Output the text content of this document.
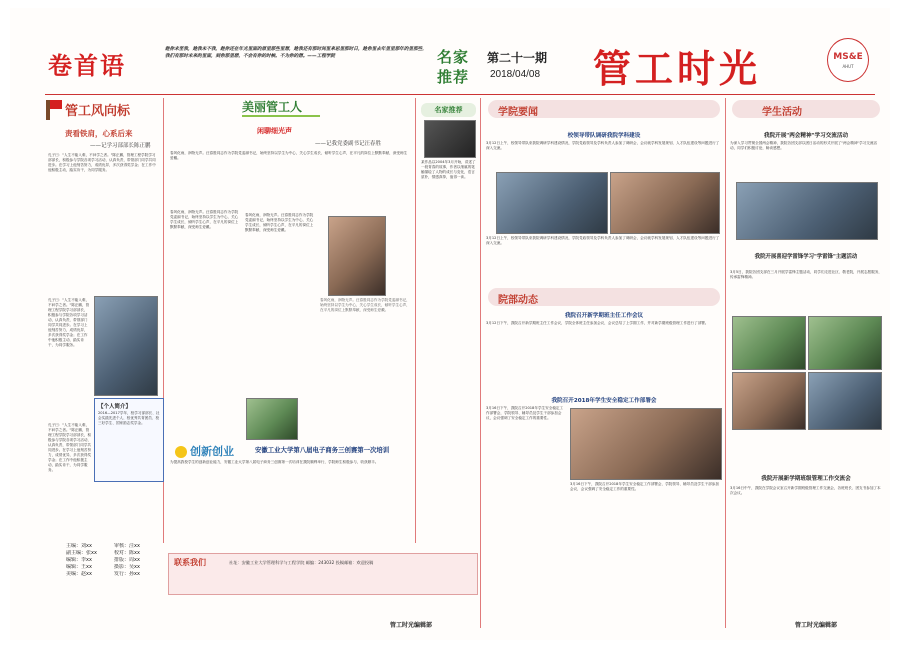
卷首语
趁你未至我，趁我未不我，趁你还在年光里面的原里那些里想，趁我还有那时间里来思里那时日，趁你里去年里里那年的里那些，我们有那时未来的里面，到你那里想，不会有你的时候。不为你的想。——工程学院	名家
推荐
第二十一期
2018/04/08 管工时光	MS&E
AHUT
管工风向标
责看铁肩，心系后来
——记学习部部长陈正鹏
孔子曰："人生不能入难，不问学之者。"陈正鹏，管理工程学院学习部部长，积极参与学院各项学习活动，认真负责，带领部门同学共同进步。在学习上他刻苦努力，成绩优异，多次获得奖学金；在工作中他积极主动，踏实肯干，为同学服务。
孔子曰："人生不能入难，不问学之者。"陈正鹏，管理工程学院学习部部长，积极参与学院各项学习活动，认真负责，带领部门同学共同进步。在学习上他刻苦努力，成绩优异，多次获得奖学金；在工作中他积极主动，踏实肯干，为同学服务。
【个人简介】
2016—2017学年，校学习部部长、社会实践先进个人、校优秀共青团员、校三好学生、国家励志奖学金。
孔子曰："人生不能入难，不问学之者。"陈正鹏，管理工程学院学习部部长，积极参与学院各项学习活动，认真负责，带领部门同学共同进步。在学习上他刻苦努力，成绩优异，多次获得奖学金；在工作中他积极主动，踏实肯干，为同学服务。
美丽管工人
闲聊细光声
——记我党委副书记汪春胜
春风化雨，润物无声。汪春胜同志作为学院党委副书记，始终坚持以学生为中心，关心学生成长，倾听学生心声，在平凡的岗位上默默奉献，深受师生爱戴。
春风化雨，润物无声。汪春胜同志作为学院党委副书记，始终坚持以学生为中心，关心学生成长，倾听学生心声，在平凡的岗位上默默奉献，深受师生爱戴。
春风化雨，润物无声。汪春胜同志作为学院党委副书记，始终坚持以学生为中心，关心学生成长，倾听学生心声，在平凡的岗位上默默奉献，深受师生爱戴。
春风化雨，润物无声。汪春胜同志作为学院党委副书记，始终坚持以学生为中心，关心学生成长，倾听学生心声，在平凡的岗位上默默奉献，深受师生爱戴。
创新创业	安徽工业大学第八届电子商务三创赛第一次培训
为提高我校学生的创新创业能力，安徽工业大学第八届电子商务三创赛第一次培训在我院顺利举行，学院师生积极参与，收获颇丰。
名家推荐
某作品以2004年3月开始，讲述了一段青春的故事，作者以细腻的笔触描绘了人物的成长与变化，语言质朴，情感真挚，值得一读。
学院要闻
校领导带队调研我院学科建设
3月12日上午，校领导带队来我院调研学科建设情况，学院党政领导及学科负责人参加了调研会，会议就学科发展规划、人才队伍建设等问题进行了深入交流。
3月12日上午，校领导带队来我院调研学科建设情况，学院党政领导及学科负责人参加了调研会，会议就学科发展规划、人才队伍建设等问题进行了深入交流。
院部动态
我院召开新学期班主任工作会议
3月12日下午，我院召开新学期班主任工作会议，学院全体班主任参加会议，会议总结了上学期工作，并对新学期班级管理工作进行了部署。
我院召开2018年学生安全稳定工作部署会
3月16日下午，我院召开2018年学生安全稳定工作部署会，学院领导、辅导员及学生干部参加会议，会议强调了安全稳定工作的重要性。
3月16日下午，我院召开2018年学生安全稳定工作部署会，学院领导、辅导员及学生干部参加会议，会议强调了安全稳定工作的重要性。
学生活动
我院开展"两会精神"学习交流活动
为深入学习贯彻全国两会精神，我院各团支部以团日活动的形式开展了"两会精神"学习交流活动，同学们积极讨论，畅谈感想。
我院开展喜迎学雷锋学习"学雷锋"主题活动
3月5日，我院各团支部在三月开展学雷锋主题活动，同学们走进社区、敬老院，开展志愿服务，传承雷锋精神。
我院开展新学期班级管理工作交流会
3月16日中午，我院在学院会议室召开新学期班级管理工作交流会，各班班长、团支书参加了本次会议。
主编：刘xx
副主编：张xx
编辑：李xx
编辑：王xx
美编：赵xx
审核：汪xx
校对：陈xx
排版：周xx
摄影：吴xx
发行：孙xx
联系我们	社址：安徽工业大学管理科学与工程学院 邮编：243032 投稿邮箱：欢迎投稿
管工时光编辑部	管工时光编辑部
